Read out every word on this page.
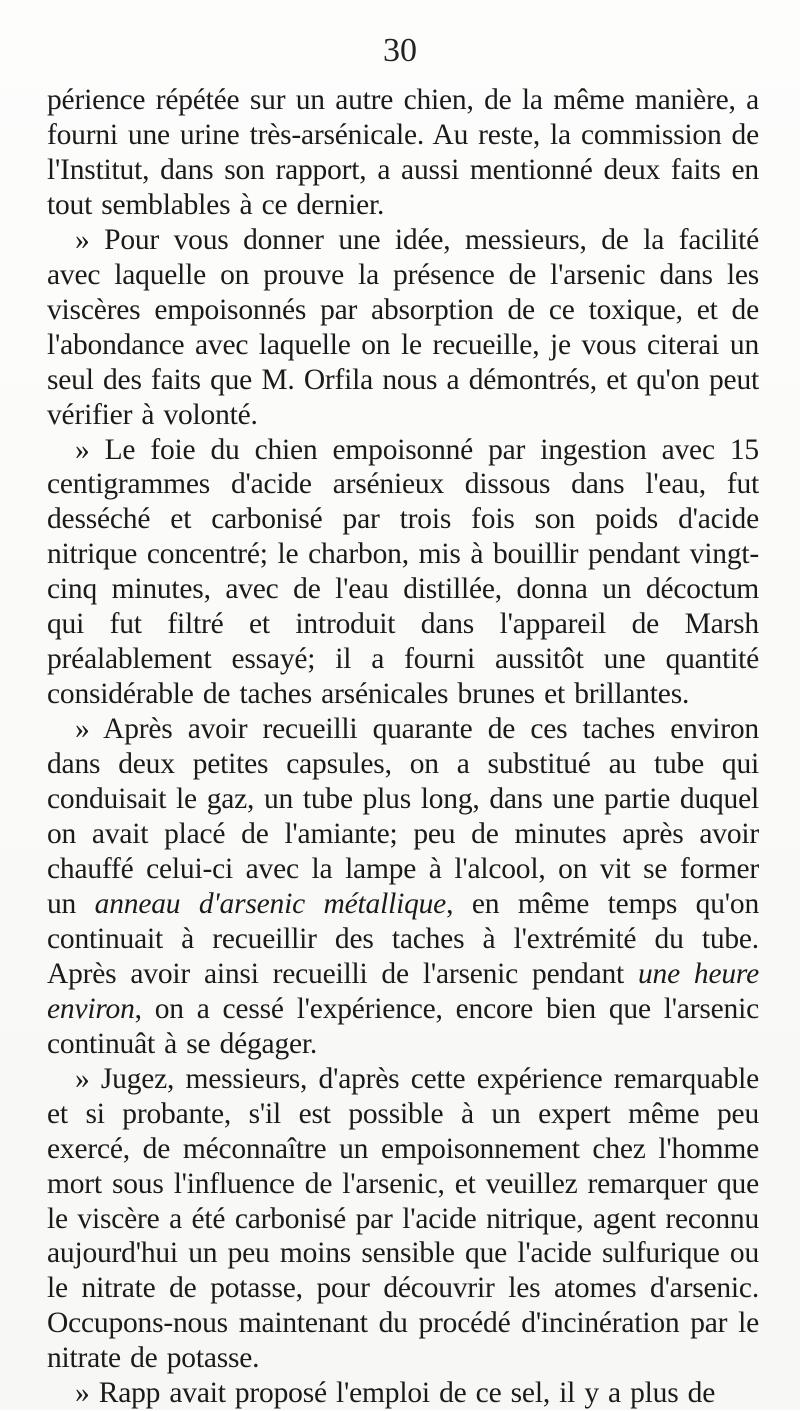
30

périence répétée sur un autre chien, de la même manière, a fourni une urine très-arsénicale. Au reste, la commission de l'Institut, dans son rapport, a aussi mentionné deux faits en tout semblables à ce dernier.

» Pour vous donner une idée, messieurs, de la facilité avec laquelle on prouve la présence de l'arsenic dans les viscères empoisonnés par absorption de ce toxique, et de l'abondance avec laquelle on le recueille, je vous citerai un seul des faits que M. Orfila nous a démontrés, et qu'on peut vérifier à volonté.

» Le foie du chien empoisonné par ingestion avec 15 centigrammes d'acide arsénieux dissous dans l'eau, fut desséché et carbonisé par trois fois son poids d'acide nitrique concentré; le charbon, mis à bouillir pendant vingt-cinq minutes, avec de l'eau distillée, donna un décoctum qui fut filtré et introduit dans l'appareil de Marsh préalablement essayé; il a fourni aussitôt une quantité considérable de taches arsénicales brunes et brillantes.

» Après avoir recueilli quarante de ces taches environ dans deux petites capsules, on a substitué au tube qui conduisait le gaz, un tube plus long, dans une partie duquel on avait placé de l'amiante; peu de minutes après avoir chauffé celui-ci avec la lampe à l'alcool, on vit se former un anneau d'arsenic métallique, en même temps qu'on continuait à recueillir des taches à l'extrémité du tube. Après avoir ainsi recueilli de l'arsenic pendant une heure environ, on a cessé l'expérience, encore bien que l'arsenic continuât à se dégager.

» Jugez, messieurs, d'après cette expérience remarquable et si probante, s'il est possible à un expert même peu exercé, de méconnaître un empoisonnement chez l'homme mort sous l'influence de l'arsenic, et veuillez remarquer que le viscère a été carbonisé par l'acide nitrique, agent reconnu aujourd'hui un peu moins sensible que l'acide sulfurique ou le nitrate de potasse, pour découvrir les atomes d'arsenic. Occupons-nous maintenant du procédé d'incinération par le nitrate de potasse.

» Rapp avait proposé l'emploi de ce sel, il y a plus de
